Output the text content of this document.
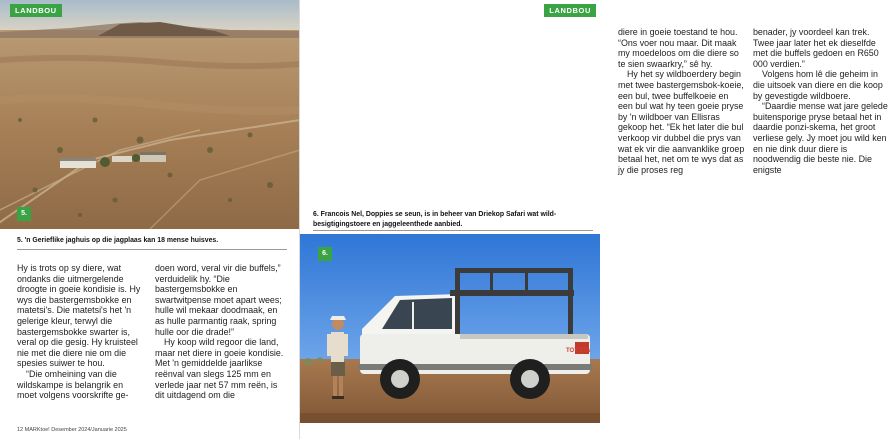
LANDBOU
5. 'n Gerieflike jaghuis op die jagplaas kan 18 mense huisves.

Hy is trots op sy diere, wat ondanks die uitmergelende droogte in goeie kondisie is. Hy wys die bastergemsbokke en matetsi's. Die matetsi's het 'n gelerige kleur, terwyl die bastergemsbokke swarter is, veral op die gesig. Hy kruisteel nie met die diere nie om die spesies suiwer te hou.

“Die omheining van die wildskampe is belangrik en moet volgens voorskrifte ge-

doen word, veral vir die buffels,” verduidelik hy. “Die bastergemsbokke en swartwitpense moet apart wees; hulle wil mekaar doodmaak, en as hulle parmantig raak, spring hulle oor die drade!”

Hy koop wild regoor die land, maar net diere in goeie kondisie. Met 'n gemiddelde jaarlikse reënval van slegs 125 mm en verlede jaar net 57 mm reën, is dit uitdagend om die

12 MARKtoe! Desember 2024/Januarie 2025
5.
LANDBOU

diere in goeie toestand te hou. “Ons voer nou maar. Dit maak my moedeloos om die diere so te sien swaarkry,” sê hy.

Hy het sy wildboerdery begin met twee bastergemsbok-koeie, een bul, twee buffelkoeie en een bul wat hy teen goeie pryse by 'n wildboer van Ellisras gekoop het. “Ek het later die bul verkoop vir dubbel die prys van wat ek vir die aanvanklike groep betaal het, net om te wys dat as jy die proses reg

benader, jy voordeel kan trek. Twee jaar later het ek dieselfde met die buffels gedoen en R650 000 verdien.”

Volgens hom lê die geheim in die uitsoek van diere en die koop by gevestigde wildboere.

“Daardie mense wat jare gelede buitensporige pryse betaal het in daardie ponzi-skema, het groot verliese gely. Jy moet jou wild ken en nie dink duur diere is noodwendig die beste nie. Die enigste

6. Francois Nel, Doppies se seun, is in beheer van Driekop Safari wat wild-besigtigingstoere en jaggeleenthede aanbied.
TOYOTA
6.
MARKtoe! Desember 2024/Januarie 2025 13
